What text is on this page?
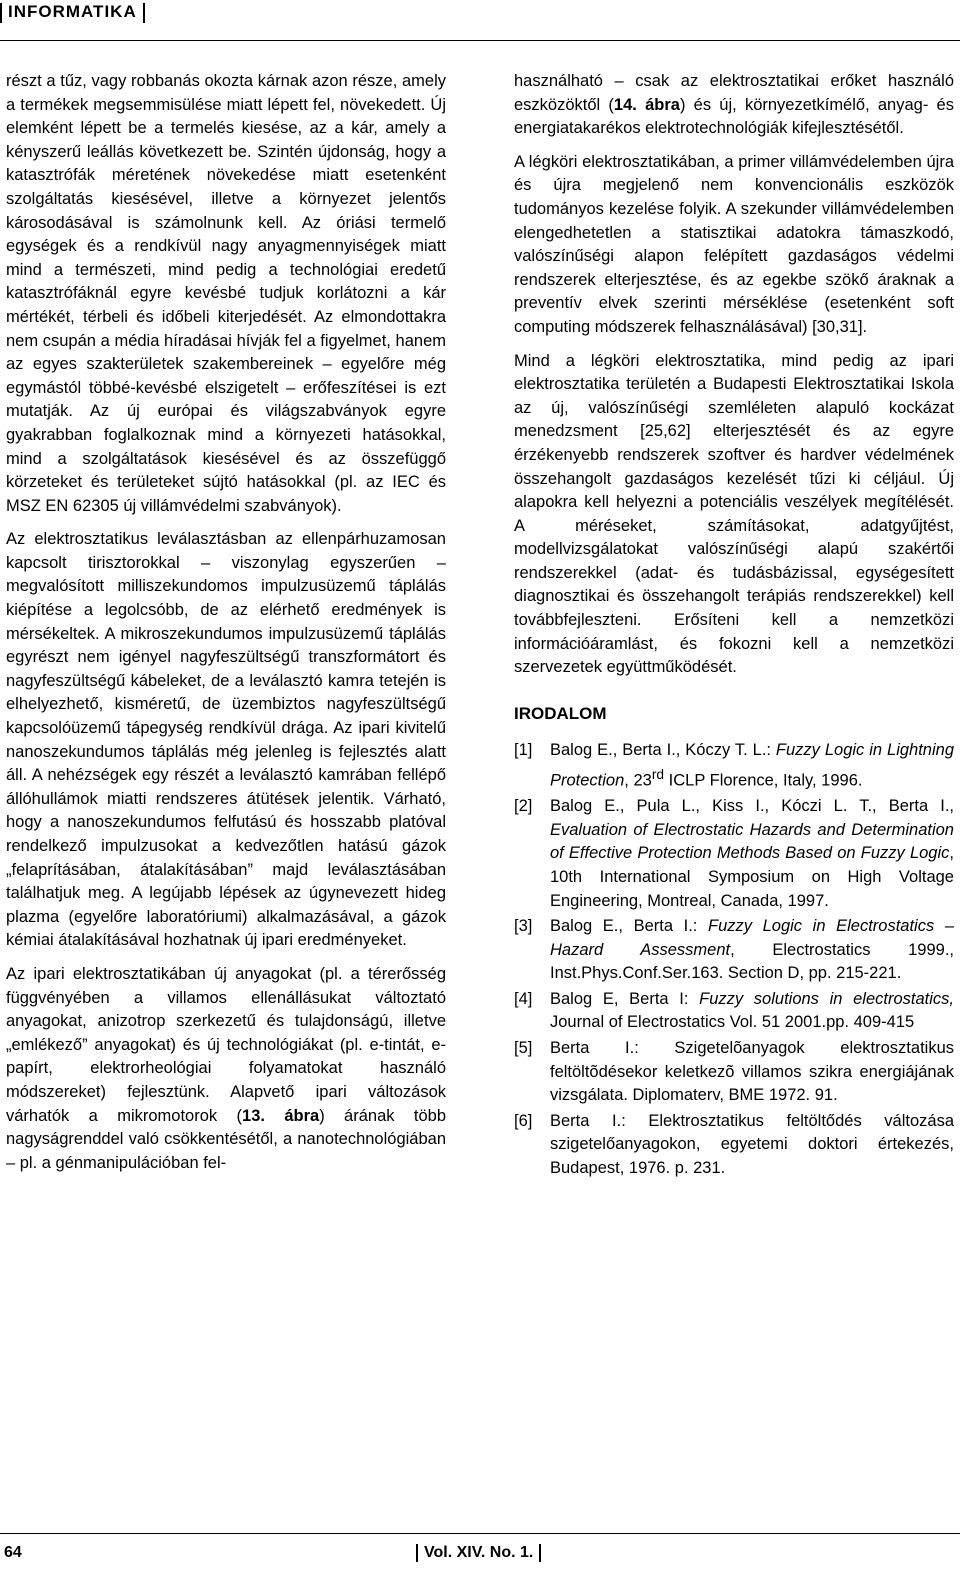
INFORMATIKA

részt a tűz, vagy robbanás okozta kárnak azon része, amely a termékek megsemmisülése miatt lépett fel, növekedett. Új elemként lépett be a termelés kiesése, az a kár, amely a kényszerű leállás következett be. Szintén újdonság, hogy a katasztrófák méretének növekedése miatt esetenként szolgáltatás kiesésével, illetve a környezet jelentős károsodásával is számolnunk kell. Az óriási termelő egységek és a rendkívül nagy anyagmennyiségek miatt mind a természeti, mind pedig a technológiai eredetű katasztrófáknál egyre kevésbé tudjuk korlátozni a kár mértékét, térbeli és időbeli kiterjedését. Az elmondottakra nem csupán a média híradásai hívják fel a figyelmet, hanem az egyes szakterületek szakembereinek – egyelőre még egymástól többé-kevésbé elszigetelt – erőfeszítései is ezt mutatják. Az új európai és világszabványok egyre gyakrabban foglalkoznak mind a környezeti hatásokkal, mind a szolgáltatások kiesésével és az összefüggő körzeteket és területeket sújtó hatásokkal (pl. az IEC és MSZ EN 62305 új villámvédelmi szabványok).

Az elektrosztatikus leválasztásban az ellenpárhuzamosan kapcsolt tirisztorokkal – viszonylag egyszerűen – megvalósított milliszekundomos impulzusüzemű táplálás kiépítése a legolcsóbb, de az elérhető eredmények is mérsékeltek. A mikroszekundumos impulzusüzemű táplálás egyrészt nem igényel nagyfeszültségű transzformátort és nagyfeszültségű kábeleket, de a leválasztó kamra tetején is elhelyezhető, kisméretű, de üzembiztos nagyfeszültségű kapcsolóüzemű tápegység rendkívül drága. Az ipari kivitelű nanoszekundumos táplálás még jelenleg is fejlesztés alatt áll. A nehézségek egy részét a leválasztó kamrában fellépő állóhullámok miatti rendszeres átütések jelentik. Várható, hogy a nanoszekundumos felfutású és hosszabb platóval rendelkező impulzusokat a kedvezőtlen hatású gázok „felaprításában, átalakításában” majd leválasztásában találhatjuk meg. A legújabb lépések az úgynevezett hideg plazma (egyelőre laboratóriumi) alkalmazásával, a gázok kémiai átalakításával hozhatnak új ipari eredményeket.

Az ipari elektrosztatikában új anyagokat (pl. a térerősség függvényében a villamos ellenállásukat változtató anyagokat, anizotrop szerkezetű és tulajdonságú, illetve „emlékező” anyagokat) és új technológiákat (pl. e-tintát, e-papírt, elektrorheológiai folyamatokat használó módszereket) fejlesztünk. Alapvető ipari változások várhatók a mikromotorok (13. ábra) árának több nagyságrenddel való csökkentésétől, a nanotechnológiában – pl. a génmanipulációban fel-

használható – csak az elektrosztatikai erőket használó eszközöktől (14. ábra) és új, környezetkímélő, anyag- és energiatakarékos elektrotechnológiák kifejlesztésétől.

A légköri elektrosztatikában, a primer villámvédelemben újra és újra megjelenő nem konvencionális eszközök tudományos kezelése folyik. A szekunder villámvédelemben elengedhetetlen a statisztikai adatokra támaszkodó, valószínűségi alapon felépített gazdaságos védelmi rendszerek elterjesztése, és az egekbe szökő áraknak a preventív elvek szerinti mérséklése (esetenként soft computing módszerek felhasználásával) [30,31].

Mind a légköri elektrosztatika, mind pedig az ipari elektrosztatika területén a Budapesti Elektrosztatikai Iskola az új, valószínűségi szemléleten alapuló kockázat menedzsment [25,62] elterjesztését és az egyre érzékenyebb rendszerek szoftver és hardver védelmének összehangolt gazdaságos kezelését tűzi ki céljául. Új alapokra kell helyezni a potenciális veszélyek megítélését. A méréseket, számításokat, adatgyűjtést, modellvizsgálatokat valószínűségi alapú szakértői rendszerekkel (adat- és tudásbázissal, egységesített diagnosztikai és összehangolt terápiás rendszerekkel) kell továbbfejleszteni. Erősíteni kell a nemzetközi információáramlást, és fokozni kell a nemzetközi szervezetek együttműködését.

IRODALOM
[1] Balog E., Berta I., Kóczy T. L.: Fuzzy Logic in Lightning Protection, 23rd ICLP Florence, Italy, 1996.
[2] Balog E., Pula L., Kiss I., Kóczi L. T., Berta I., Evaluation of Electrostatic Hazards and Determination of Effective Protection Methods Based on Fuzzy Logic, 10th International Symposium on High Voltage Engineering, Montreal, Canada, 1997.
[3] Balog E., Berta I.: Fuzzy Logic in Electrostatics – Hazard Assessment, Electrostatics 1999., Inst.Phys.Conf.Ser.163. Section D, pp. 215-221.
[4] Balog E, Berta I: Fuzzy solutions in electrostatics, Journal of Electrostatics Vol. 51 2001.pp. 409-415
[5] Berta I.: Szigetelõanyagok elektrosztatikus feltöltõdésekor keletkezõ villamos szikra energiájának vizsgálata. Diplomaterv, BME 1972. 91.
[6] Berta I.: Elektrosztatikus feltöltődés változása szigetelőanyagokon, egyetemi doktori értekezés, Budapest, 1976. p. 231.
64	Vol. XIV. No. 1.
